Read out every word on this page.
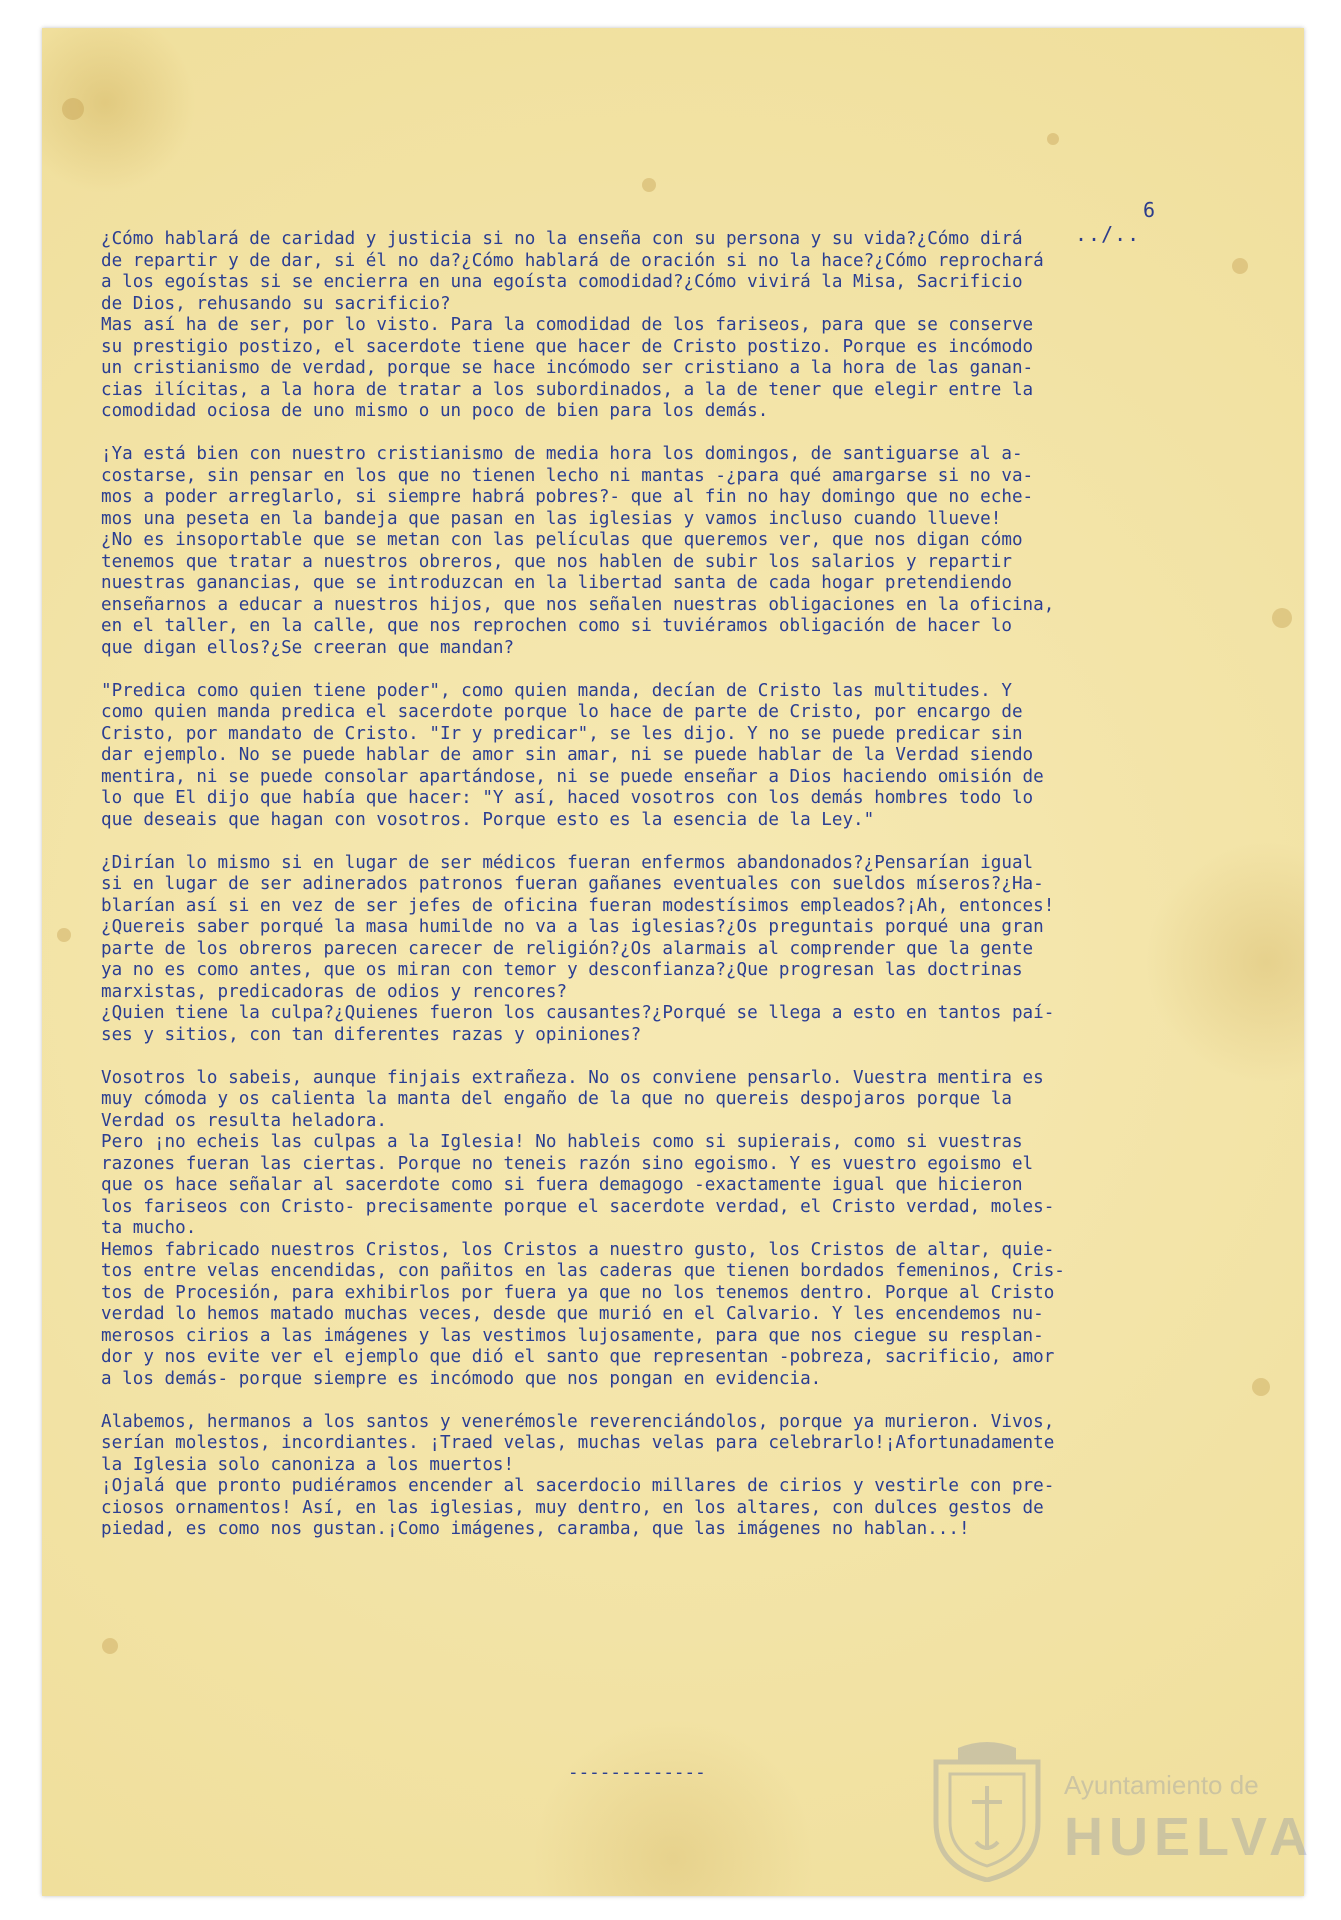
6
../..
¿Cómo hablará de caridad y justicia si no la enseña con su persona y su vida?¿Cómo dirá
de repartir y de dar, si él no da?¿Cómo hablará de oración si no la hace?¿Cómo reprochará
a los egoístas si se encierra en una egoísta comodidad?¿Cómo vivirá la Misa, Sacrificio
de Dios, rehusando su sacrificio?
Mas así ha de ser, por lo visto. Para la comodidad de los fariseos, para que se conserve
su prestigio postizo, el sacerdote tiene que hacer de Cristo postizo. Porque es incómodo
un cristianismo de verdad, porque se hace incómodo ser cristiano a la hora de las ganan-
cias ilícitas, a la hora de tratar a los subordinados, a la de tener que elegir entre la
comodidad ociosa de uno mismo o un poco de bien para los demás.
¡Ya está bien con nuestro cristianismo de media hora los domingos, de santiguarse al a-
costarse, sin pensar en los que no tienen lecho ni mantas -¿para qué amargarse si no va-
mos a poder arreglarlo, si siempre habrá pobres?- que al fin no hay domingo que no eche-
mos una peseta en la bandeja que pasan en las iglesias y vamos incluso cuando llueve!
¿No es insoportable que se metan con las películas que queremos ver, que nos digan cómo
tenemos que tratar a nuestros obreros, que nos hablen de subir los salarios y repartir
nuestras ganancias, que se introduzcan en la libertad santa de cada hogar pretendiendo
enseñarnos a educar a nuestros hijos, que nos señalen nuestras obligaciones en la oficina,
en el taller, en la calle, que nos reprochen como si tuviéramos obligación de hacer lo
que digan ellos?¿Se creeran que mandan?
"Predica como quien tiene poder", como quien manda, decían de Cristo las multitudes. Y
como quien manda predica el sacerdote porque lo hace de parte de Cristo, por encargo de
Cristo, por mandato de Cristo. "Ir y predicar", se les dijo. Y no se puede predicar sin
dar ejemplo. No se puede hablar de amor sin amar, ni se puede hablar de la Verdad siendo
mentira, ni se puede consolar apartándose, ni se puede enseñar a Dios haciendo omisión de
lo que El dijo que había que hacer: "Y así, haced vosotros con los demás hombres todo lo
que deseais que hagan con vosotros. Porque esto es la esencia de la Ley."
¿Dirían lo mismo si en lugar de ser médicos fueran enfermos abandonados?¿Pensarían igual
si en lugar de ser adinerados patronos fueran gañanes eventuales con sueldos míseros?¿Ha-
blarían así si en vez de ser jefes de oficina fueran modestísimos empleados?¡Ah, entonces!
¿Quereis saber porqué la masa humilde no va a las iglesias?¿Os preguntais porqué una gran
parte de los obreros parecen carecer de religión?¿Os alarmais al comprender que la gente
ya no es como antes, que os miran con temor y desconfianza?¿Que progresan las doctrinas
marxistas, predicadoras de odios y rencores?
¿Quien tiene la culpa?¿Quienes fueron los causantes?¿Porqué se llega a esto en tantos paí-
ses y sitios, con tan diferentes razas y opiniones?
Vosotros lo sabeis, aunque finjais extrañeza. No os conviene pensarlo. Vuestra mentira es
muy cómoda y os calienta la manta del engaño de la que no quereis despojaros porque la
Verdad os resulta heladora.
Pero ¡no echeis las culpas a la Iglesia! No hableis como si supierais, como si vuestras
razones fueran las ciertas. Porque no teneis razón sino egoismo. Y es vuestro egoismo el
que os hace señalar al sacerdote como si fuera demagogo -exactamente igual que hicieron
los fariseos con Cristo- precisamente porque el sacerdote verdad, el Cristo verdad, moles-
ta mucho.
Hemos fabricado nuestros Cristos, los Cristos a nuestro gusto, los Cristos de altar, quie-
tos entre velas encendidas, con pañitos en las caderas que tienen bordados femeninos, Cris-
tos de Procesión, para exhibirlos por fuera ya que no los tenemos dentro. Porque al Cristo
verdad lo hemos matado muchas veces, desde que murió en el Calvario. Y les encendemos nu-
merosos cirios a las imágenes y las vestimos lujosamente, para que nos ciegue su resplan-
dor y nos evite ver el ejemplo que dió el santo que representan -pobreza, sacrificio, amor
a los demás- porque siempre es incómodo que nos pongan en evidencia.
Alabemos, hermanos a los santos y venerémosle reverenciándolos, porque ya murieron. Vivos,
serían molestos, incordiantes. ¡Traed velas, muchas velas para celebrarlo!¡Afortunadamente
la Iglesia solo canoniza a los muertos!
¡Ojalá que pronto pudiéramos encender al sacerdocio millares de cirios y vestirle con pre-
ciosos ornamentos! Así, en las iglesias, muy dentro, en los altares, con dulces gestos de
piedad, es como nos gustan.¡Como imágenes, caramba, que las imágenes no hablan...!
-------------	Ayuntamiento de
HUELVA
